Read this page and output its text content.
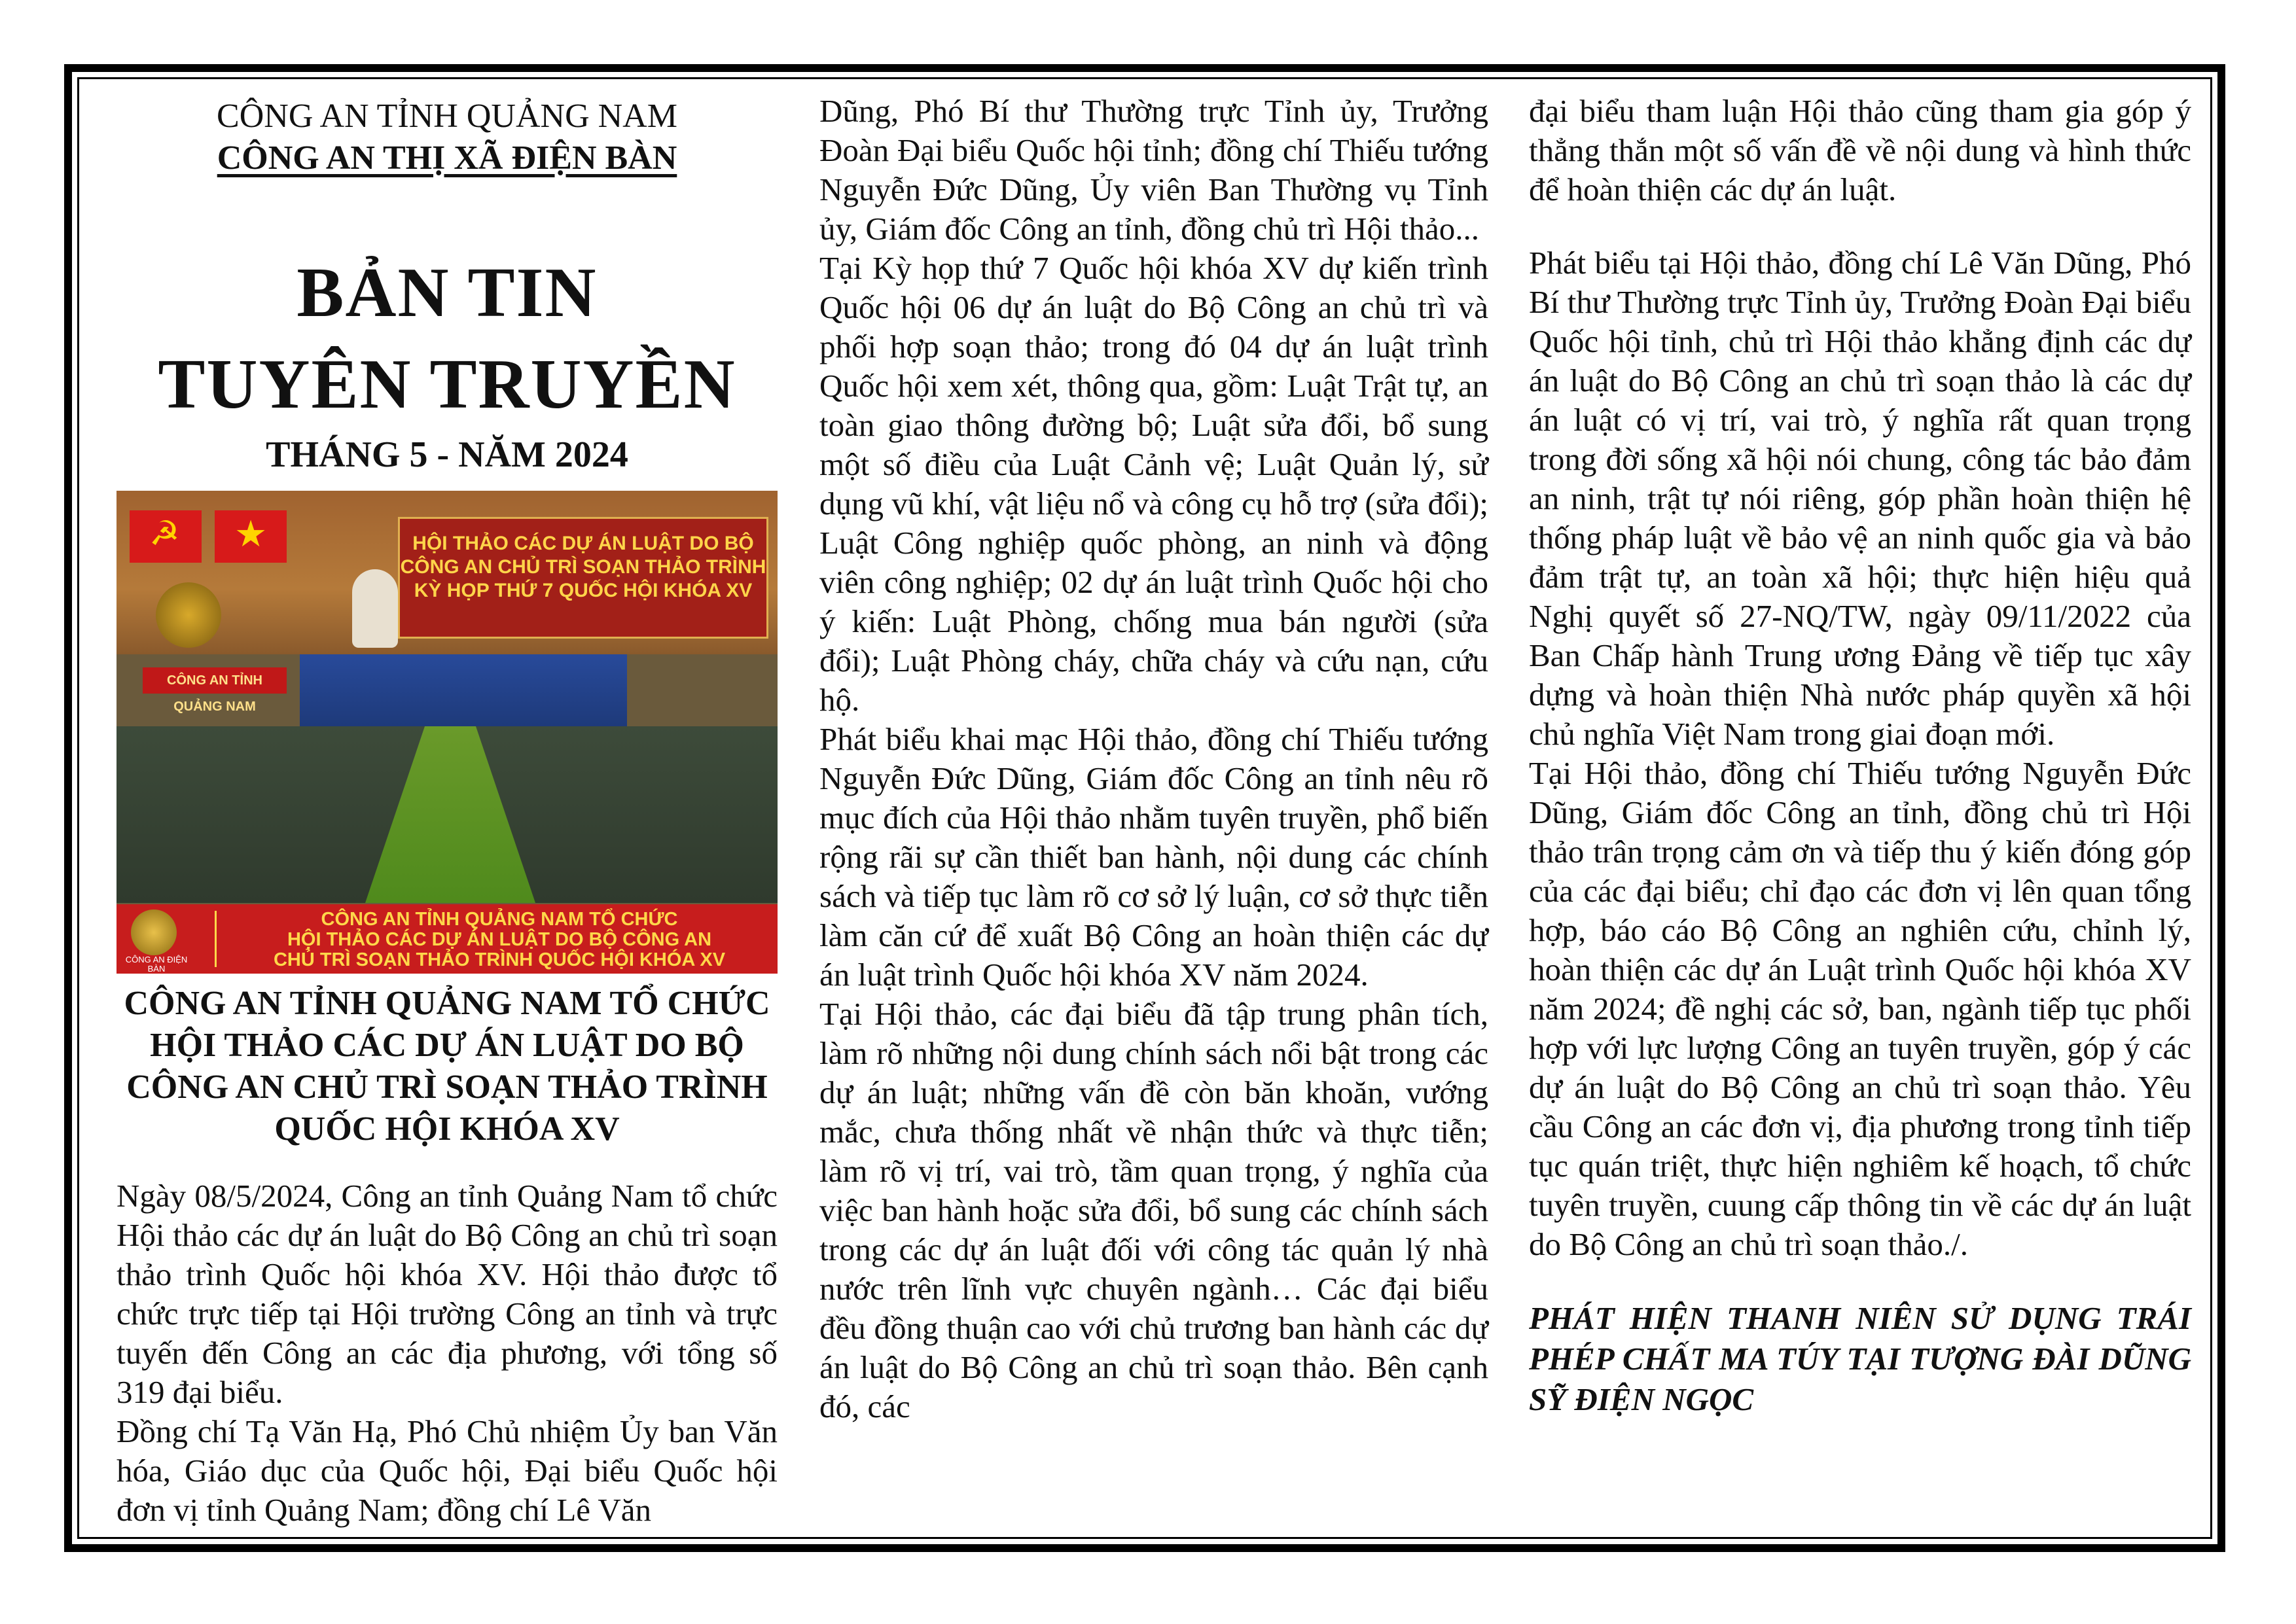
CÔNG AN TỈNH QUẢNG NAM

CÔNG AN THỊ XÃ ĐIỆN BÀN

BẢN TIN
TUYÊN TRUYỀN

THÁNG 5 - NĂM 2024

☭
★
HỘI THẢO CÁC DỰ ÁN LUẬT DO BỘ CÔNG AN CHỦ TRÌ SOẠN THẢO TRÌNH KỲ HỌP THỨ 7 QUỐC HỘI KHÓA XV
CÔNG AN TỈNH QUẢNG NAM
CÔNG AN ĐIỆN BÀN facebook.com/policedienban
CÔNG AN TỈNH QUẢNG NAM TỔ CHỨC
HỘI THẢO CÁC DỰ ÁN LUẬT DO BỘ CÔNG AN
CHỦ TRÌ SOẠN THẢO TRÌNH QUỐC HỘI KHÓA XV

CÔNG AN TỈNH QUẢNG NAM TỔ CHỨC HỘI THẢO CÁC DỰ ÁN LUẬT DO BỘ CÔNG AN CHỦ TRÌ SOẠN THẢO TRÌNH QUỐC HỘI KHÓA XV

Ngày 08/5/2024, Công an tỉnh Quảng Nam tổ chức Hội thảo các dự án luật do Bộ Công an chủ trì soạn thảo trình Quốc hội khóa XV. Hội thảo được tổ chức trực tiếp tại Hội trường Công an tỉnh và trực tuyến đến Công an các địa phương, với tổng số 319 đại biểu.

Đồng chí Tạ Văn Hạ, Phó Chủ nhiệm Ủy ban Văn hóa, Giáo dục của Quốc hội, Đại biểu Quốc hội đơn vị tỉnh Quảng Nam; đồng chí Lê Văn

Dũng, Phó Bí thư Thường trực Tỉnh ủy, Trưởng Đoàn Đại biểu Quốc hội tỉnh; đồng chí Thiếu tướng Nguyễn Đức Dũng, Ủy viên Ban Thường vụ Tỉnh ủy, Giám đốc Công an tỉnh, đồng chủ trì Hội thảo...

Tại Kỳ họp thứ 7 Quốc hội khóa XV dự kiến trình Quốc hội 06 dự án luật do Bộ Công an chủ trì và phối hợp soạn thảo; trong đó 04 dự án luật trình Quốc hội xem xét, thông qua, gồm: Luật Trật tự, an toàn giao thông đường bộ; Luật sửa đổi, bổ sung một số điều của Luật Cảnh vệ; Luật Quản lý, sử dụng vũ khí, vật liệu nổ và công cụ hỗ trợ (sửa đổi); Luật Công nghiệp quốc phòng, an ninh và động viên công nghiệp; 02 dự án luật trình Quốc hội cho ý kiến: Luật Phòng, chống mua bán người (sửa đổi); Luật Phòng cháy, chữa cháy và cứu nạn, cứu hộ.

Phát biểu khai mạc Hội thảo, đồng chí Thiếu tướng Nguyễn Đức Dũng, Giám đốc Công an tỉnh nêu rõ mục đích của Hội thảo nhằm tuyên truyền, phổ biến rộng rãi sự cần thiết ban hành, nội dung các chính sách và tiếp tục làm rõ cơ sở lý luận, cơ sở thực tiễn làm căn cứ để xuất Bộ Công an hoàn thiện các dự án luật trình Quốc hội khóa XV năm 2024.

Tại Hội thảo, các đại biểu đã tập trung phân tích, làm rõ những nội dung chính sách nổi bật trong các dự án luật; những vấn đề còn băn khoăn, vướng mắc, chưa thống nhất về nhận thức và thực tiễn; làm rõ vị trí, vai trò, tầm quan trọng, ý nghĩa của việc ban hành hoặc sửa đổi, bổ sung các chính sách trong các dự án luật đối với công tác quản lý nhà nước trên lĩnh vực chuyên ngành… Các đại biểu đều đồng thuận cao với chủ trương ban hành các dự án luật do Bộ Công an chủ trì soạn thảo. Bên cạnh đó, các

đại biểu tham luận Hội thảo cũng tham gia góp ý thẳng thắn một số vấn đề về nội dung và hình thức để hoàn thiện các dự án luật.

Phát biểu tại Hội thảo, đồng chí Lê Văn Dũng, Phó Bí thư Thường trực Tỉnh ủy, Trưởng Đoàn Đại biểu Quốc hội tỉnh, chủ trì Hội thảo khẳng định các dự án luật do Bộ Công an chủ trì soạn thảo là các dự án luật có vị trí, vai trò, ý nghĩa rất quan trọng trong đời sống xã hội nói chung, công tác bảo đảm an ninh, trật tự nói riêng, góp phần hoàn thiện hệ thống pháp luật về bảo vệ an ninh quốc gia và bảo đảm trật tự, an toàn xã hội; thực hiện hiệu quả Nghị quyết số 27-NQ/TW, ngày 09/11/2022 của Ban Chấp hành Trung ương Đảng về tiếp tục xây dựng và hoàn thiện Nhà nước pháp quyền xã hội chủ nghĩa Việt Nam trong giai đoạn mới.

Tại Hội thảo, đồng chí Thiếu tướng Nguyễn Đức Dũng, Giám đốc Công an tỉnh, đồng chủ trì Hội thảo trân trọng cảm ơn và tiếp thu ý kiến đóng góp của các đại biểu; chỉ đạo các đơn vị lên quan tổng hợp, báo cáo Bộ Công an nghiên cứu, chỉnh lý, hoàn thiện các dự án Luật trình Quốc hội khóa XV năm 2024; đề nghị các sở, ban, ngành tiếp tục phối hợp với lực lượng Công an tuyên truyền, góp ý các dự án luật do Bộ Công an chủ trì soạn thảo. Yêu cầu Công an các đơn vị, địa phương trong tỉnh tiếp tục quán triệt, thực hiện nghiêm kế hoạch, tổ chức tuyên truyền, cuung cấp thông tin về các dự án luật do Bộ Công an chủ trì soạn thảo./.

PHÁT HIỆN THANH NIÊN SỬ DỤNG TRÁI PHÉP CHẤT MA TÚY TẠI TƯỢNG ĐÀI DŨNG SỸ ĐIỆN NGỌC
